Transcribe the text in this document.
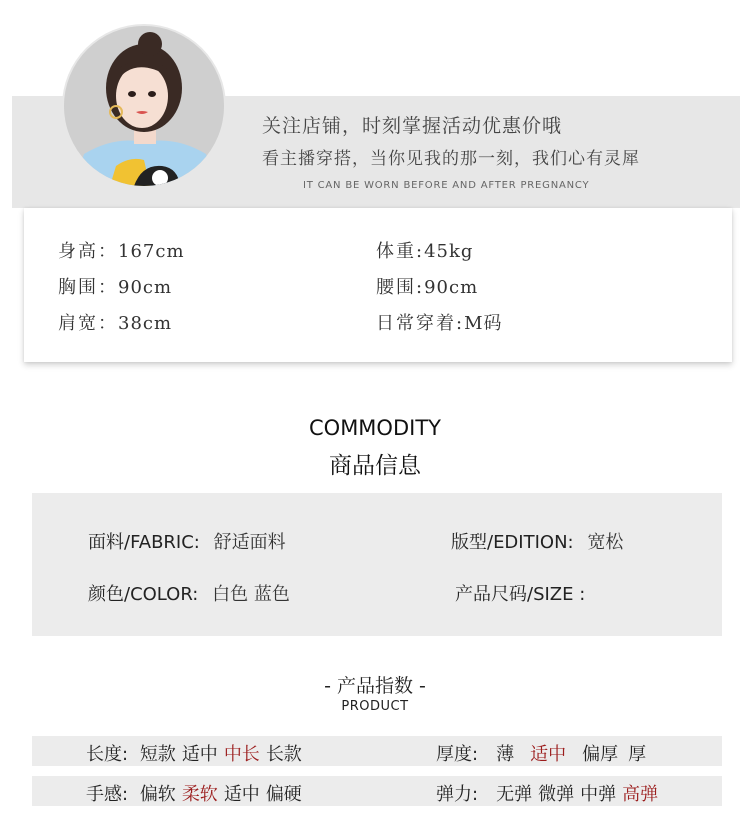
关注店铺，时刻掌握活动优惠价哦
看主播穿搭，当你见我的那一刻，我们心有灵犀
IT CAN BE WORN BEFORE AND AFTER PREGNANCY
身高：167cm	体重:45kg
胸围：90cm	腰围:90cm
肩宽：38cm	日常穿着:M码
COMMODITY
商品信息
面料/FABRIC: 舒适面料	版型/EDITION: 宽松
颜色/COLOR: 白色 蓝色	产品尺码/SIZE :
- 产品指数 -
PRODUCT
长度: 短款 适中 中长 长款	厚度: 薄 适中 偏厚 厚
手感: 偏软 柔软 适中 偏硬	弹力: 无弹 微弹 中弹 高弹
